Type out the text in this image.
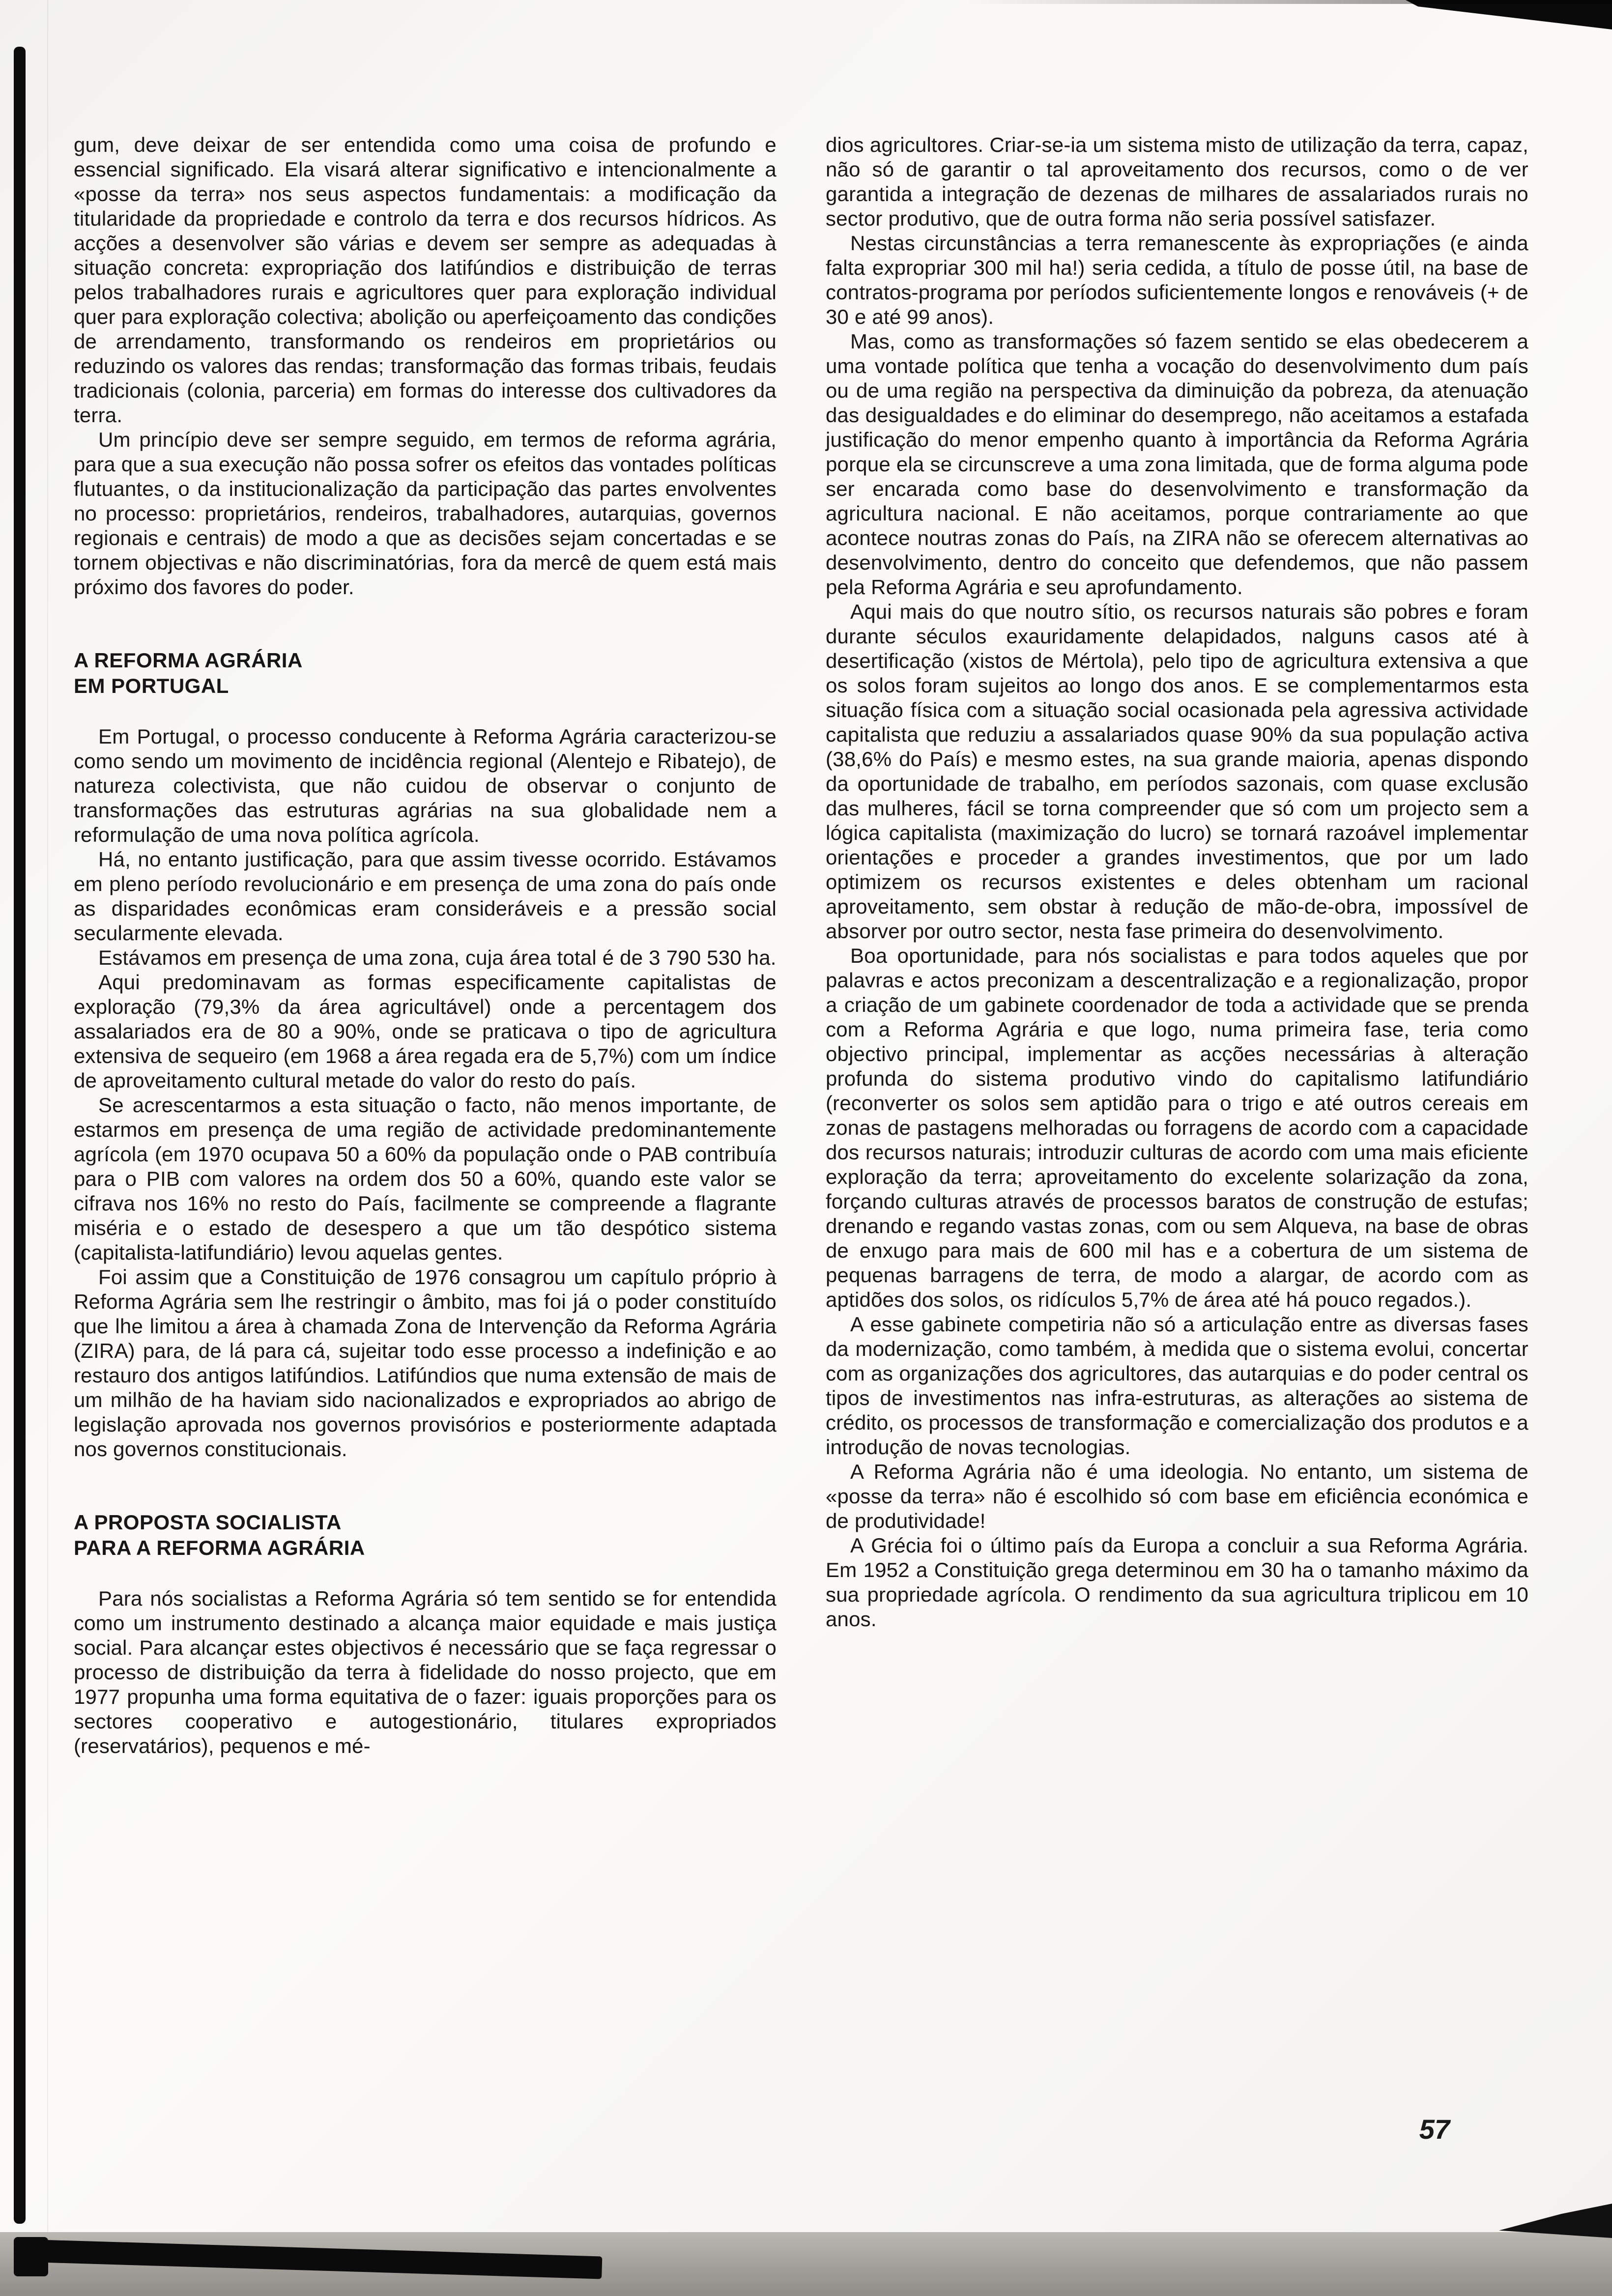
gum, deve deixar de ser entendida como uma coisa de profundo e essencial significado. Ela visará alterar significativo e intencionalmente a «posse da terra» nos seus aspectos fundamentais: a modificação da titularidade da propriedade e controlo da terra e dos recursos hídricos. As acções a desenvolver são várias e devem ser sempre as adequadas à situação concreta: expropriação dos latifúndios e distribuição de terras pelos trabalhadores rurais e agricultores quer para exploração individual quer para exploração colectiva; abolição ou aperfeiçoamento das condições de arrendamento, transformando os rendeiros em proprietários ou reduzindo os valores das rendas; transformação das formas tribais, feudais tradicionais (colonia, parceria) em formas do interesse dos cultivadores da terra.

Um princípio deve ser sempre seguido, em termos de reforma agrária, para que a sua execução não possa sofrer os efeitos das vontades políticas flutuantes, o da institucionalização da participação das partes envolventes no processo: proprietários, rendeiros, trabalhadores, autarquias, governos regionais e centrais) de modo a que as decisões sejam concertadas e se tornem objectivas e não discriminatórias, fora da mercê de quem está mais próximo dos favores do poder.

A REFORMA AGRÁRIA
EM PORTUGAL

Em Portugal, o processo conducente à Reforma Agrária caracterizou-se como sendo um movimento de incidência regional (Alentejo e Ribatejo), de natureza colectivista, que não cuidou de observar o conjunto de transformações das estruturas agrárias na sua globalidade nem a reformulação de uma nova política agrícola.

Há, no entanto justificação, para que assim tivesse ocorrido. Estávamos em pleno período revolucionário e em presença de uma zona do país onde as disparidades econômicas eram consideráveis e a pressão social secularmente elevada.

Estávamos em presença de uma zona, cuja área total é de 3 790 530 ha.

Aqui predominavam as formas especificamente capitalistas de exploração (79,3% da área agricultável) onde a percentagem dos assalariados era de 80 a 90%, onde se praticava o tipo de agricultura extensiva de sequeiro (em 1968 a área regada era de 5,7%) com um índice de aproveitamento cultural metade do valor do resto do país.

Se acrescentarmos a esta situação o facto, não menos importante, de estarmos em presença de uma região de actividade predominantemente agrícola (em 1970 ocupava 50 a 60% da população onde o PAB contribuía para o PIB com valores na ordem dos 50 a 60%, quando este valor se cifrava nos 16% no resto do País, facilmente se compreende a flagrante miséria e o estado de desespero a que um tão despótico sistema (capitalista-latifundiário) levou aquelas gentes.

Foi assim que a Constituição de 1976 consagrou um capítulo próprio à Reforma Agrária sem lhe restringir o âmbito, mas foi já o poder constituído que lhe limitou a área à chamada Zona de Intervenção da Reforma Agrária (ZIRA) para, de lá para cá, sujeitar todo esse processo a indefinição e ao restauro dos antigos latifúndios. Latifúndios que numa extensão de mais de um milhão de ha haviam sido nacionalizados e expropriados ao abrigo de legislação aprovada nos governos provisórios e posteriormente adaptada nos governos constitucionais.

A PROPOSTA SOCIALISTA
PARA A REFORMA AGRÁRIA

Para nós socialistas a Reforma Agrária só tem sentido se for entendida como um instrumento destinado a alcança maior equidade e mais justiça social. Para alcançar estes objectivos é necessário que se faça regressar o processo de distribuição da terra à fidelidade do nosso projecto, que em 1977 propunha uma forma equitativa de o fazer: iguais proporções para os sectores cooperativo e autogestionário, titulares expropriados (reservatários), pequenos e mé-

dios agricultores. Criar-se-ia um sistema misto de utilização da terra, capaz, não só de garantir o tal aproveitamento dos recursos, como o de ver garantida a integração de dezenas de milhares de assalariados rurais no sector produtivo, que de outra forma não seria possível satisfazer.

Nestas circunstâncias a terra remanescente às expropriações (e ainda falta expropriar 300 mil ha!) seria cedida, a título de posse útil, na base de contratos-programa por períodos suficientemente longos e renováveis (+ de 30 e até 99 anos).

Mas, como as transformações só fazem sentido se elas obedecerem a uma vontade política que tenha a vocação do desenvolvimento dum país ou de uma região na perspectiva da diminuição da pobreza, da atenuação das desigualdades e do eliminar do desemprego, não aceitamos a estafada justificação do menor empenho quanto à importância da Reforma Agrária porque ela se circunscreve a uma zona limitada, que de forma alguma pode ser encarada como base do desenvolvimento e transformação da agricultura nacional. E não aceitamos, porque contrariamente ao que acontece noutras zonas do País, na ZIRA não se oferecem alternativas ao desenvolvimento, dentro do conceito que defendemos, que não passem pela Reforma Agrária e seu aprofundamento.

Aqui mais do que noutro sítio, os recursos naturais são pobres e foram durante séculos exauridamente delapidados, nalguns casos até à desertificação (xistos de Mértola), pelo tipo de agricultura extensiva a que os solos foram sujeitos ao longo dos anos. E se complementarmos esta situação física com a situação social ocasionada pela agressiva actividade capitalista que reduziu a assalariados quase 90% da sua população activa (38,6% do País) e mesmo estes, na sua grande maioria, apenas dispondo da oportunidade de trabalho, em períodos sazonais, com quase exclusão das mulheres, fácil se torna compreender que só com um projecto sem a lógica capitalista (maximização do lucro) se tornará razoável implementar orientações e proceder a grandes investimentos, que por um lado optimizem os recursos existentes e deles obtenham um racional aproveitamento, sem obstar à redução de mão-de-obra, impossível de absorver por outro sector, nesta fase primeira do desenvolvimento.

Boa oportunidade, para nós socialistas e para todos aqueles que por palavras e actos preconizam a descentralização e a regionalização, propor a criação de um gabinete coordenador de toda a actividade que se prenda com a Reforma Agrária e que logo, numa primeira fase, teria como objectivo principal, implementar as acções necessárias à alteração profunda do sistema produtivo vindo do capitalismo latifundiário (reconverter os solos sem aptidão para o trigo e até outros cereais em zonas de pastagens melhoradas ou forragens de acordo com a capacidade dos recursos naturais; introduzir culturas de acordo com uma mais eficiente exploração da terra; aproveitamento do excelente solarização da zona, forçando culturas através de processos baratos de construção de estufas; drenando e regando vastas zonas, com ou sem Alqueva, na base de obras de enxugo para mais de 600 mil has e a cobertura de um sistema de pequenas barragens de terra, de modo a alargar, de acordo com as aptidões dos solos, os ridículos 5,7% de área até há pouco regados.).

A esse gabinete competiria não só a articulação entre as diversas fases da modernização, como também, à medida que o sistema evolui, concertar com as organizações dos agricultores, das autarquias e do poder central os tipos de investimentos nas infra-estruturas, as alterações ao sistema de crédito, os processos de transformação e comercialização dos produtos e a introdução de novas tecnologias.

A Reforma Agrária não é uma ideologia. No entanto, um sistema de «posse da terra» não é escolhido só com base em eficiência económica e de produtividade!

A Grécia foi o último país da Europa a concluir a sua Reforma Agrária. Em 1952 a Constituição grega determinou em 30 ha o tamanho máximo da sua propriedade agrícola. O rendimento da sua agricultura triplicou em 10 anos.

57
